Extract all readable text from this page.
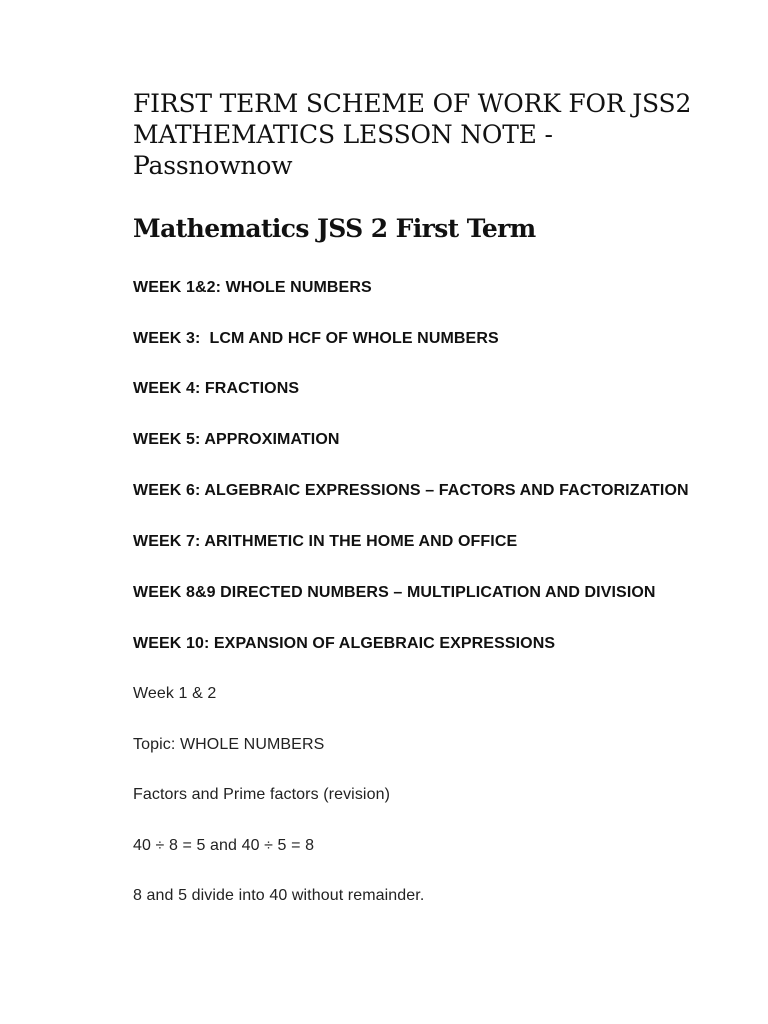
FIRST TERM SCHEME OF WORK FOR JSS2 MATHEMATICS LESSON NOTE - Passnownow
Mathematics JSS 2 First Term
WEEK 1&2: WHOLE NUMBERS
WEEK 3:  LCM AND HCF OF WHOLE NUMBERS
WEEK 4: FRACTIONS
WEEK 5: APPROXIMATION
WEEK 6: ALGEBRAIC EXPRESSIONS – FACTORS AND FACTORIZATION
WEEK 7: ARITHMETIC IN THE HOME AND OFFICE
WEEK 8&9 DIRECTED NUMBERS – MULTIPLICATION AND DIVISION
WEEK 10: EXPANSION OF ALGEBRAIC EXPRESSIONS

Week 1 & 2

Topic: WHOLE NUMBERS

Factors and Prime factors (revision)

40 ÷ 8 = 5 and 40 ÷ 5 = 8

8 and 5 divide into 40 without remainder.
